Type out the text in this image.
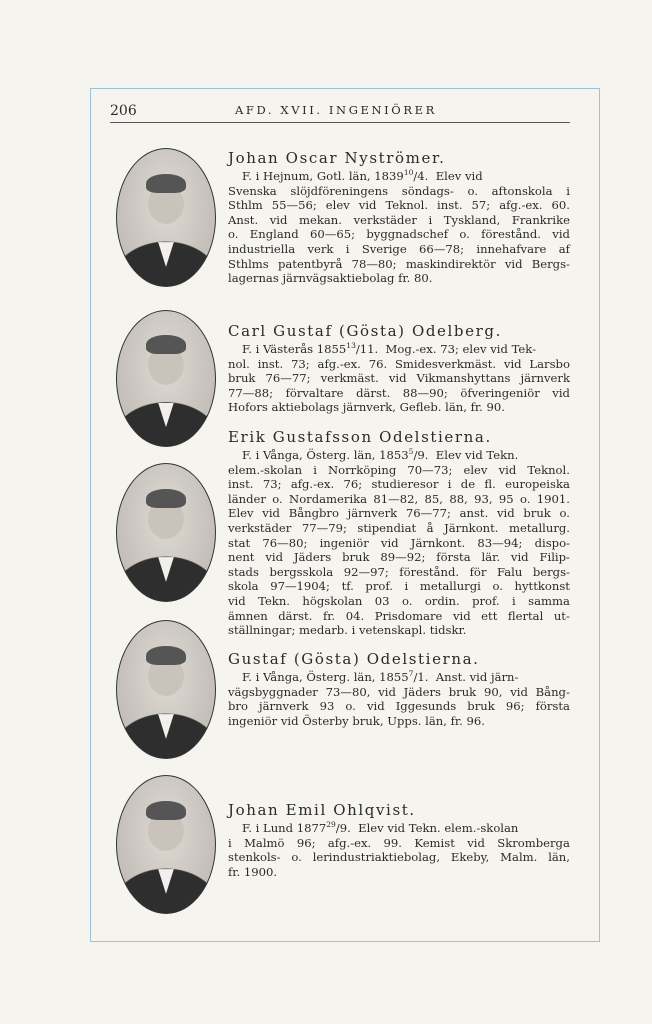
206	AFD. XVII. INGENIÖRER
Johan Oscar Nyströmer.
F. i Hejnum, Gotl. län, 1839$^{10}$/4.  Elev vid
Svenska slöjdföreningens söndags- o. aftonskola i
Sthlm 55—56; elev vid Teknol. inst. 57; afg.-ex. 60.
Anst. vid mekan. verkstäder i Tyskland, Frankrike
o. England 60—65; byggnadschef o. förestånd. vid
industriella verk i Sverige 66—78; innehafvare af
Sthlms patentbyrå 78—80; maskindirektör vid Bergs-
lagernas järnvägsaktiebolag fr. 80.
Carl Gustaf (Gösta) Odelberg.
F. i Västerås 1855$^{13}$/11.  Mog.-ex. 73; elev vid Tek-
nol. inst. 73; afg.-ex. 76. Smidesverkmäst. vid Larsbo
bruk 76—77; verkmäst. vid Vikmanshyttans järnverk
77—88; förvaltare därst. 88—90; öfveringeniör vid
Hofors aktiebolags järnverk, Gefleb. län, fr. 90.
Erik Gustafsson Odelstierna.
F. i Vånga, Österg. län, 1853$^5$/9.  Elev vid Tekn.
elem.-skolan i Norrköping 70—73; elev vid Teknol.
inst. 73; afg.-ex. 76; studieresor i de fl. europeiska
länder o. Nordamerika 81—82, 85, 88, 93, 95 o. 1901.
Elev vid Bångbro järnverk 76—77; anst. vid bruk o.
verkstäder 77—79; stipendiat å Järnkont. metallurg.
stat 76—80; ingeniör vid Järnkont. 83—94; dispo-
nent vid Jäders bruk 89—92; första lär. vid Filip-
stads bergsskola 92—97; förestånd. för Falu bergs-
skola 97—1904; tf. prof. i metallurgi o. hyttkonst
vid Tekn. högskolan 03 o. ordin. prof. i samma
ämnen därst. fr. 04. Prisdomare vid ett flertal ut-
ställningar; medarb. i vetenskapl. tidskr.
Gustaf (Gösta) Odelstierna.
F. i Vånga, Österg. län, 1855$^7$/1.  Anst. vid järn-
vägsbyggnader 73—80, vid Jäders bruk 90, vid Bång-
bro järnverk 93 o. vid Iggesunds bruk 96; första
ingeniör vid Österby bruk, Upps. län, fr. 96.
Johan Emil Ohlqvist.
F. i Lund 1877$^{29}$/9.  Elev vid Tekn. elem.-skolan
i Malmö 96; afg.-ex. 99. Kemist vid Skromberga
stenkols- o. lerindustriaktiebolag, Ekeby, Malm. län,
fr. 1900.
